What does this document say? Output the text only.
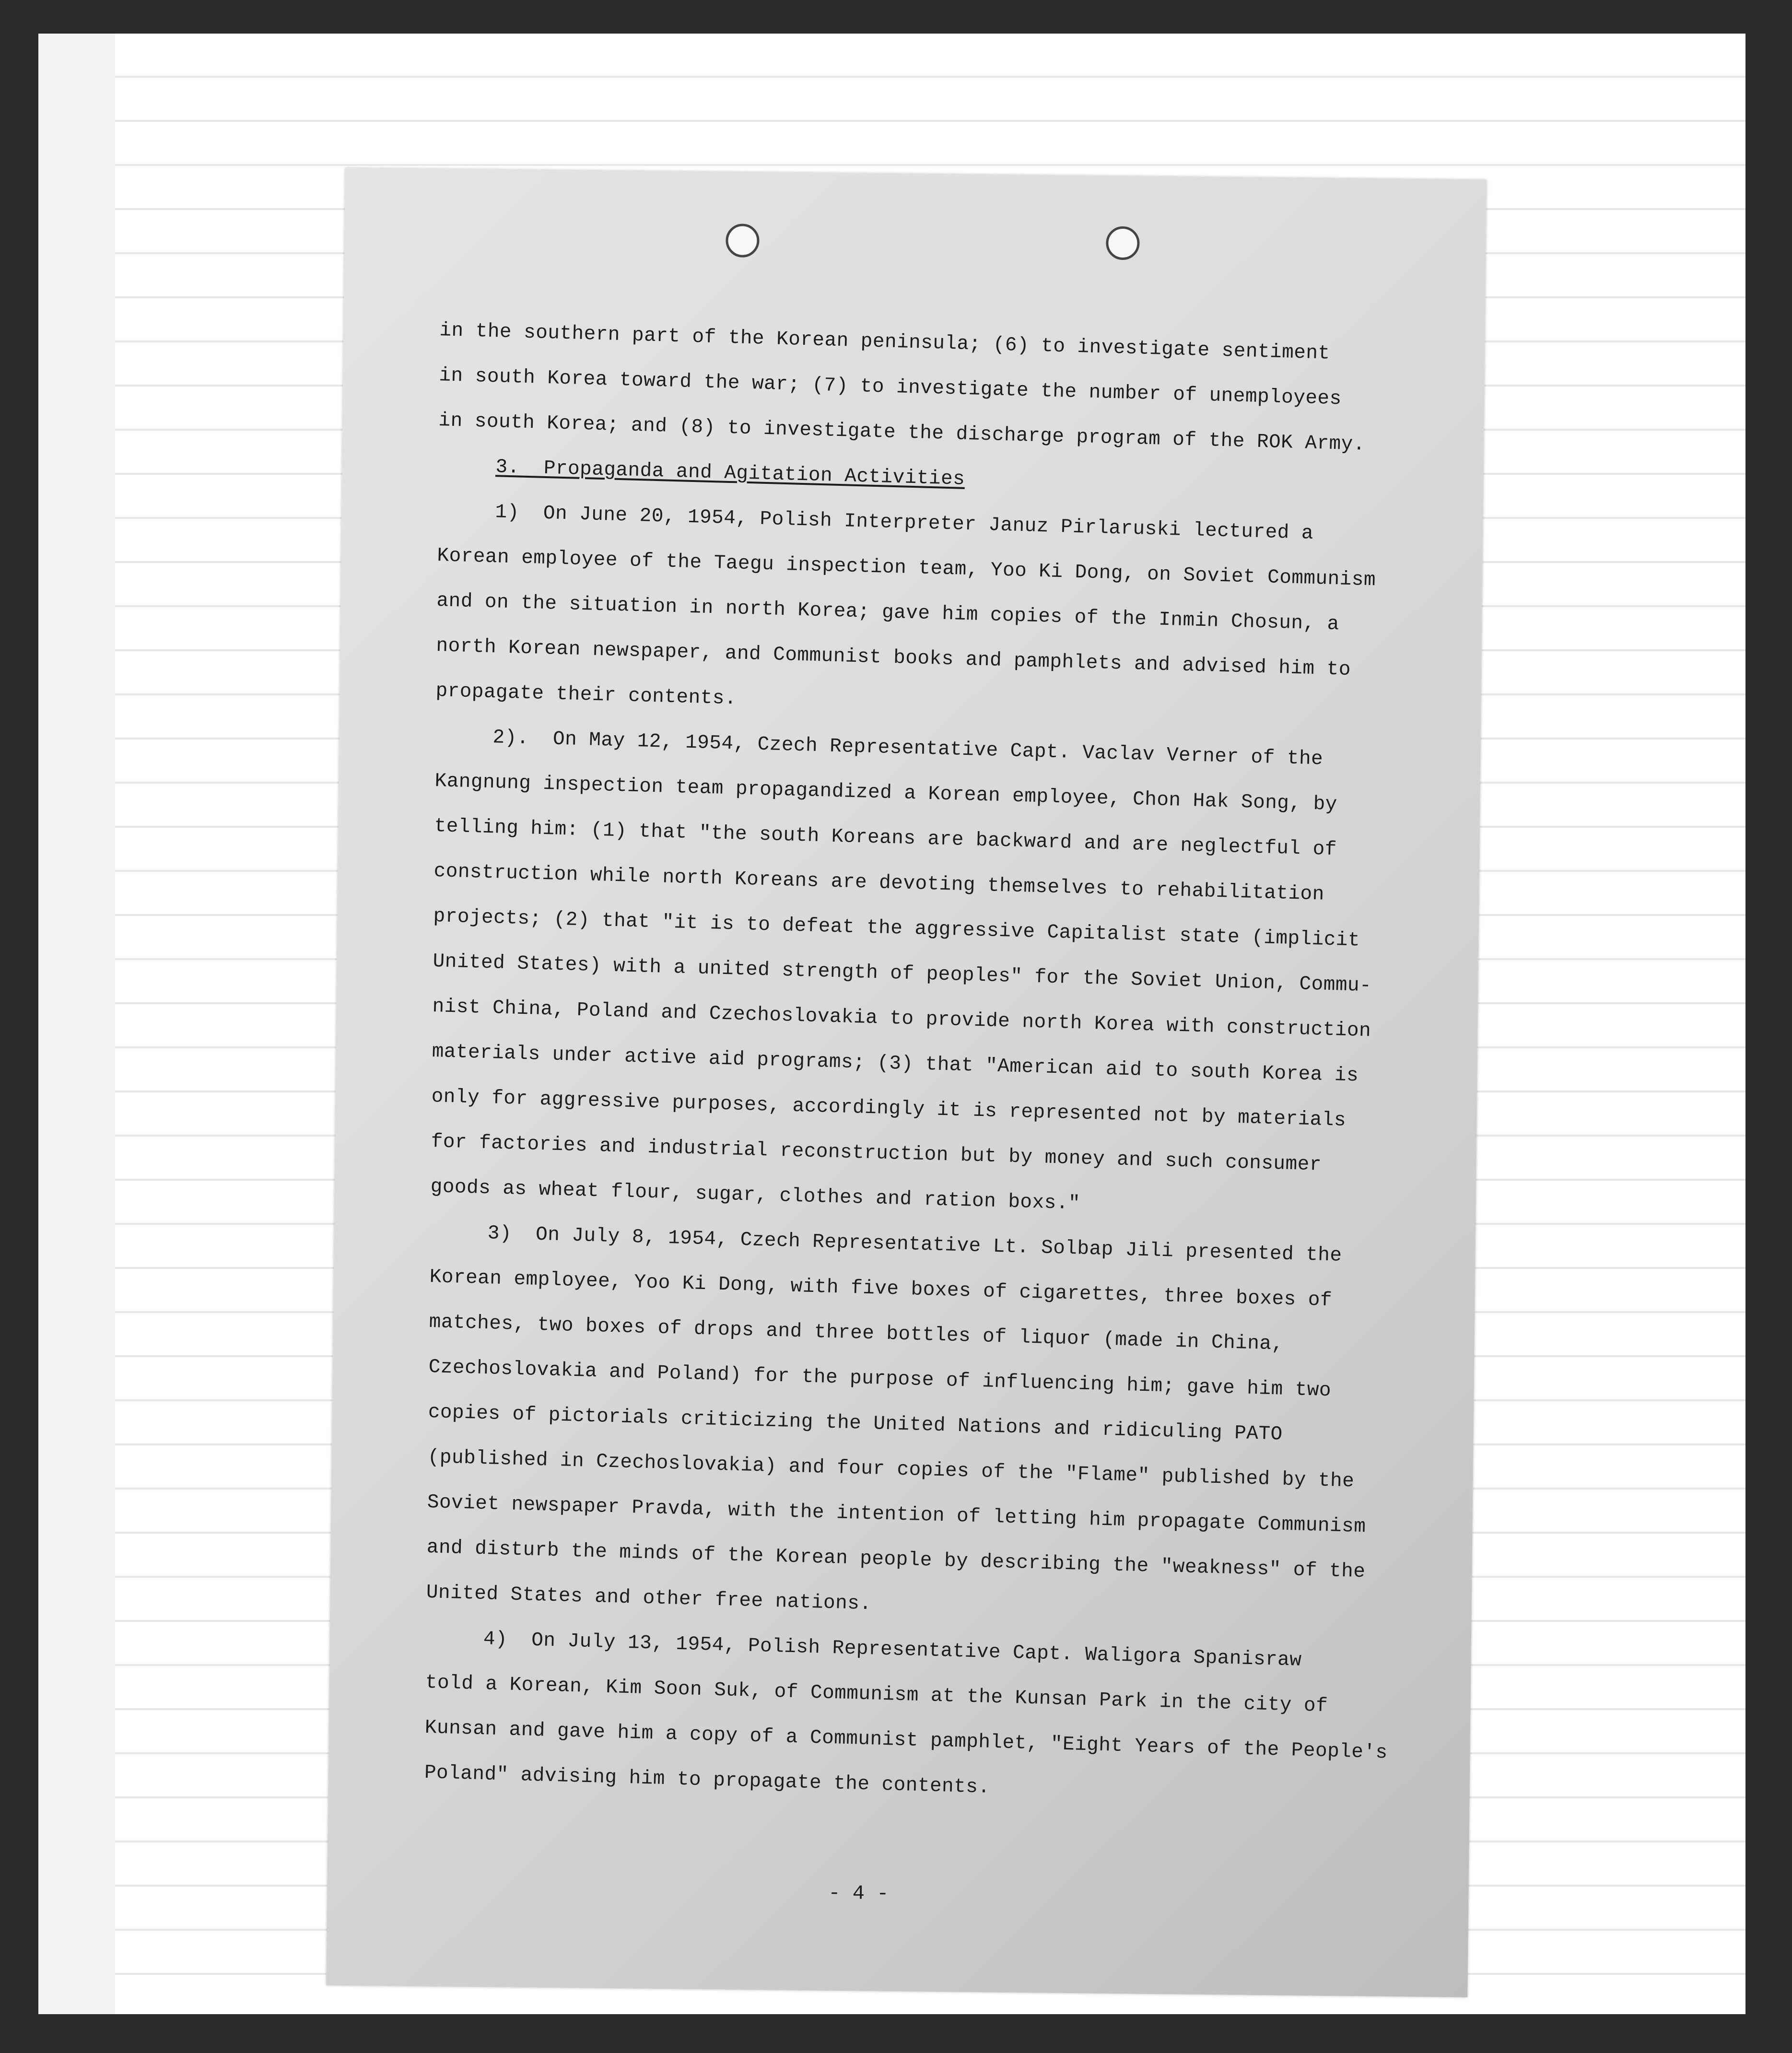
in the southern part of the Korean peninsula; (6) to investigate sentiment
in south Korea toward the war; (7) to investigate the number of unemployees
in south Korea; and (8) to investigate the discharge program of the ROK Army.
3.  Propaganda and Agitation Activities
1)  On June 20, 1954, Polish Interpreter Januz Pirlaruski lectured a
Korean employee of the Taegu inspection team, Yoo Ki Dong, on Soviet Communism
and on the situation in north Korea; gave him copies of the Inmin Chosun, a
north Korean newspaper, and Communist books and pamphlets and advised him to
propagate their contents.
2).  On May 12, 1954, Czech Representative Capt. Vaclav Verner of the
Kangnung inspection team propagandized a Korean employee, Chon Hak Song, by
telling him: (1) that "the south Koreans are backward and are neglectful of
construction while north Koreans are devoting themselves to rehabilitation
projects; (2) that "it is to defeat the aggressive Capitalist state (implicit
United States) with a united strength of peoples" for the Soviet Union, Commu-
nist China, Poland and Czechoslovakia to provide north Korea with construction
materials under active aid programs; (3) that "American aid to south Korea is
only for aggressive purposes, accordingly it is represented not by materials
for factories and industrial reconstruction but by money and such consumer
goods as wheat flour, sugar, clothes and ration boxs."
3)  On July 8, 1954, Czech Representative Lt. Solbap Jili presented the
Korean employee, Yoo Ki Dong, with five boxes of cigarettes, three boxes of
matches, two boxes of drops and three bottles of liquor (made in China,
Czechoslovakia and Poland) for the purpose of influencing him; gave him two
copies of pictorials criticizing the United Nations and ridiculing PATO
(published in Czechoslovakia) and four copies of the "Flame" published by the
Soviet newspaper Pravda, with the intention of letting him propagate Communism
and disturb the minds of the Korean people by describing the "weakness" of the
United States and other free nations.
4)  On July 13, 1954, Polish Representative Capt. Waligora Spanisraw
told a Korean, Kim Soon Suk, of Communism at the Kunsan Park in the city of
Kunsan and gave him a copy of a Communist pamphlet, "Eight Years of the People's
Poland" advising him to propagate the contents.
- 4 -
